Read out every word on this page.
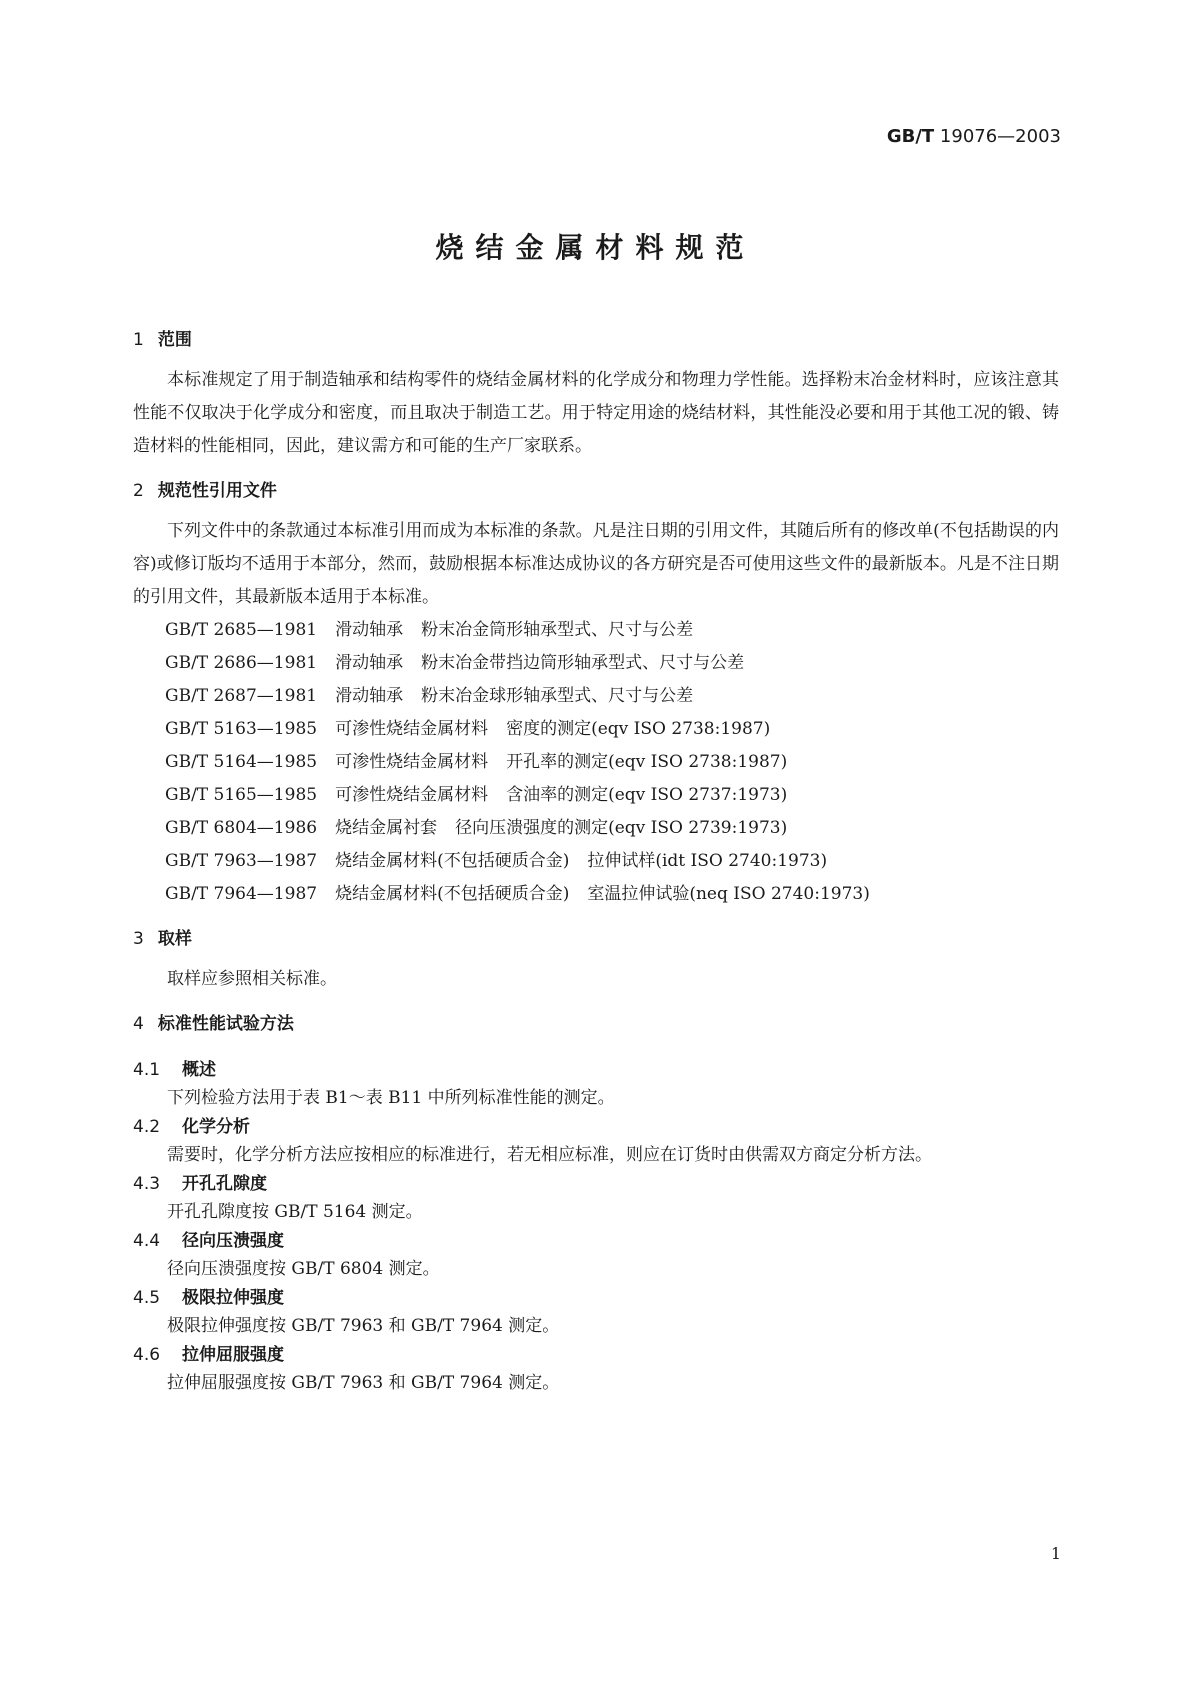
GB/T 19076—2003
烧结金属材料规范
1 范围
本标准规定了用于制造轴承和结构零件的烧结金属材料的化学成分和物理力学性能。选择粉末冶金材料时，应该注意其性能不仅取决于化学成分和密度，而且取决于制造工艺。用于特定用途的烧结材料，其性能没必要和用于其他工况的锻、铸造材料的性能相同，因此，建议需方和可能的生产厂家联系。
2 规范性引用文件
下列文件中的条款通过本标准引用而成为本标准的条款。凡是注日期的引用文件，其随后所有的修改单(不包括勘误的内容)或修订版均不适用于本部分，然而，鼓励根据本标准达成协议的各方研究是否可使用这些文件的最新版本。凡是不注日期的引用文件，其最新版本适用于本标准。
GB/T 2685—1981 滑动轴承 粉末冶金筒形轴承型式、尺寸与公差
GB/T 2686—1981 滑动轴承 粉末冶金带挡边筒形轴承型式、尺寸与公差
GB/T 2687—1981 滑动轴承 粉末冶金球形轴承型式、尺寸与公差
GB/T 5163—1985 可渗性烧结金属材料 密度的测定(eqv ISO 2738:1987)
GB/T 5164—1985 可渗性烧结金属材料 开孔率的测定(eqv ISO 2738:1987)
GB/T 5165—1985 可渗性烧结金属材料 含油率的测定(eqv ISO 2737:1973)
GB/T 6804—1986 烧结金属衬套 径向压溃强度的测定(eqv ISO 2739:1973)
GB/T 7963—1987 烧结金属材料(不包括硬质合金) 拉伸试样(idt ISO 2740:1973)
GB/T 7964—1987 烧结金属材料(不包括硬质合金) 室温拉伸试验(neq ISO 2740:1973)
3 取样
取样应参照相关标准。
4 标准性能试验方法
4.1 概述
下列检验方法用于表 B1～表 B11 中所列标准性能的测定。
4.2 化学分析
需要时，化学分析方法应按相应的标准进行，若无相应标准，则应在订货时由供需双方商定分析方法。
4.3 开孔孔隙度
开孔孔隙度按 GB/T 5164 测定。
4.4 径向压溃强度
径向压溃强度按 GB/T 6804 测定。
4.5 极限拉伸强度
极限拉伸强度按 GB/T 7963 和 GB/T 7964 测定。
4.6 拉伸屈服强度
拉伸屈服强度按 GB/T 7963 和 GB/T 7964 测定。
1
